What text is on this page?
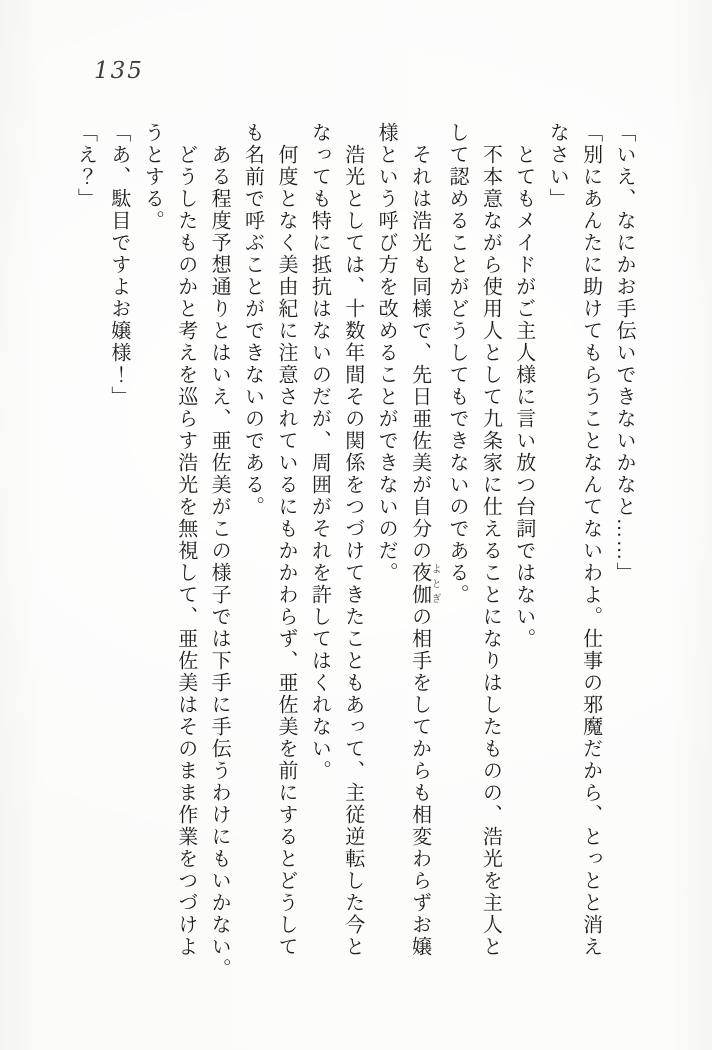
135

「いえ、なにかお手伝いできないかなと……」

「別にあんたに助けてもらうことなんてないわよ。仕事の邪魔だから、とっとと消え

なさい」

とてもメイドがご主人様に言い放つ台詞ではない。

不本意ながら使用人として九条家に仕えることになりはしたものの、浩光を主人と

して認めることがどうしてもできないのである。

それは浩光も同様で、先日亜佐美が自分の夜伽よとぎの相手をしてからも相変わらずお嬢

様という呼び方を改めることができないのだ。

浩光としては、十数年間その関係をつづけてきたこともあって、主従逆転した今と

なっても特に抵抗はないのだが、周囲がそれを許してはくれない。

何度となく美由紀に注意されているにもかかわらず、亜佐美を前にするとどうして

も名前で呼ぶことができないのである。

ある程度予想通りとはいえ、亜佐美がこの様子では下手に手伝うわけにもいかない。

どうしたものかと考えを巡らす浩光を無視して、亜佐美はそのまま作業をつづけよ

うとする。

「あ、駄目ですよお嬢様！」

「え？」
